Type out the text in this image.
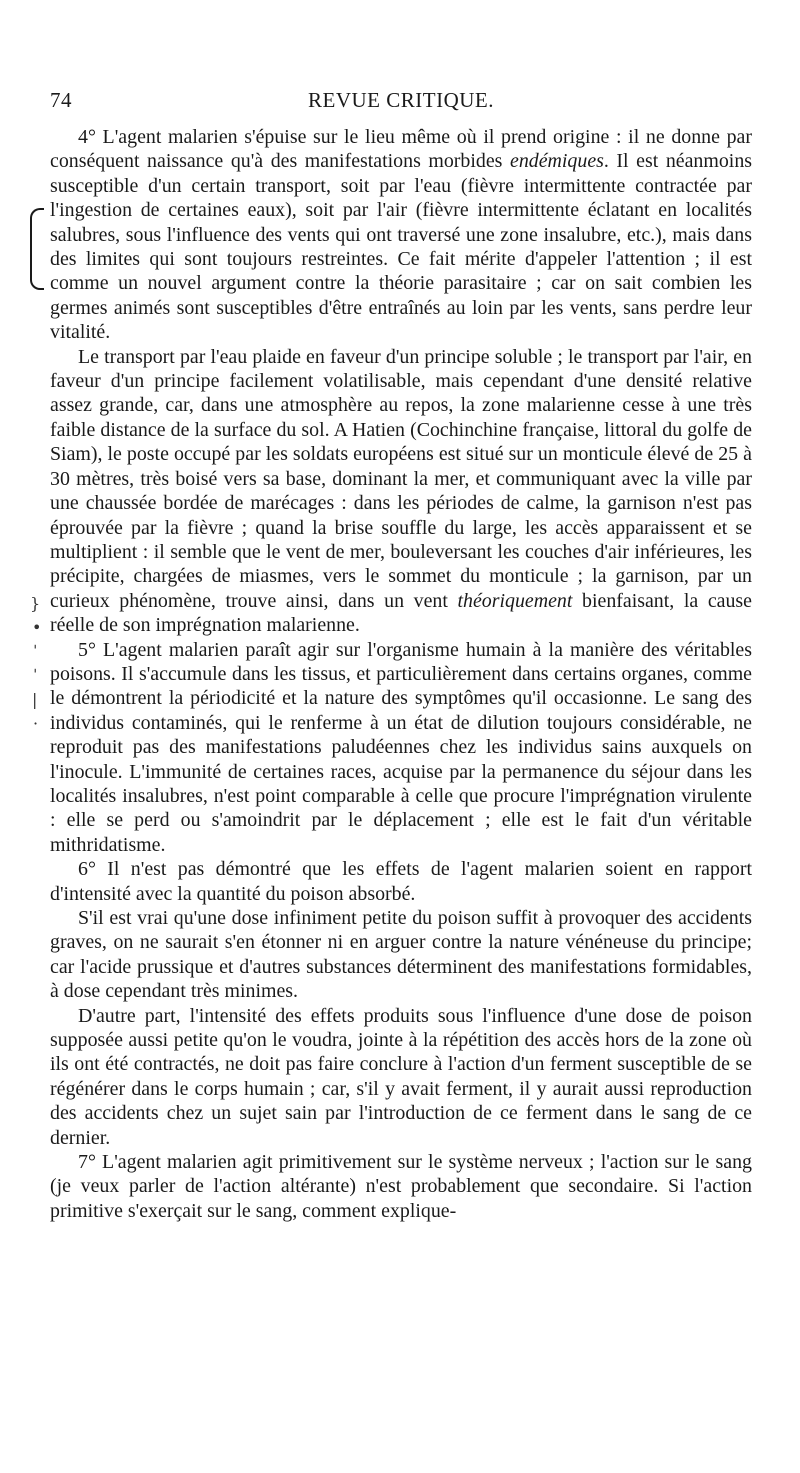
74	REVUE CRITIQUE.
}
•
ˈ
ˈ
|
·

4° L'agent malarien s'épuise sur le lieu même où il prend origine : il ne donne par conséquent naissance qu'à des manifestations morbides endémiques. Il est néanmoins susceptible d'un certain transport, soit par l'eau (fièvre intermittente contractée par l'ingestion de certaines eaux), soit par l'air (fièvre intermittente éclatant en localités salubres, sous l'influence des vents qui ont traversé une zone insalubre, etc.), mais dans des limites qui sont toujours restreintes. Ce fait mérite d'appeler l'attention ; il est comme un nouvel argument contre la théorie parasitaire ; car on sait combien les germes animés sont susceptibles d'être entraînés au loin par les vents, sans perdre leur vitalité.

Le transport par l'eau plaide en faveur d'un principe soluble ; le transport par l'air, en faveur d'un principe facilement volatilisable, mais cependant d'une densité relative assez grande, car, dans une atmosphère au repos, la zone malarienne cesse à une très faible distance de la surface du sol. A Hatien (Cochinchine française, littoral du golfe de Siam), le poste occupé par les soldats européens est situé sur un monticule élevé de 25 à 30 mètres, très boisé vers sa base, dominant la mer, et communiquant avec la ville par une chaussée bordée de marécages : dans les périodes de calme, la garnison n'est pas éprouvée par la fièvre ; quand la brise souffle du large, les accès apparaissent et se multiplient : il semble que le vent de mer, bouleversant les couches d'air inférieures, les précipite, chargées de miasmes, vers le sommet du monticule ; la garnison, par un curieux phénomène, trouve ainsi, dans un vent théoriquement bienfaisant, la cause réelle de son imprégnation malarienne.

5° L'agent malarien paraît agir sur l'organisme humain à la manière des véritables poisons. Il s'accumule dans les tissus, et particulièrement dans certains organes, comme le démontrent la périodicité et la nature des symptômes qu'il occasionne. Le sang des individus contaminés, qui le renferme à un état de dilution toujours considérable, ne reproduit pas des manifestations paludéennes chez les individus sains auxquels on l'inocule. L'immunité de certaines races, acquise par la permanence du séjour dans les localités insalubres, n'est point comparable à celle que procure l'imprégnation virulente : elle se perd ou s'amoindrit par le déplacement ; elle est le fait d'un véritable mithridatisme.

6° Il n'est pas démontré que les effets de l'agent malarien soient en rapport d'intensité avec la quantité du poison absorbé.

S'il est vrai qu'une dose infiniment petite du poison suffit à provoquer des accidents graves, on ne saurait s'en étonner ni en arguer contre la nature vénéneuse du principe; car l'acide prussique et d'autres substances déterminent des manifestations formidables, à dose cependant très minimes.

D'autre part, l'intensité des effets produits sous l'influence d'une dose de poison supposée aussi petite qu'on le voudra, jointe à la répétition des accès hors de la zone où ils ont été contractés, ne doit pas faire conclure à l'action d'un ferment susceptible de se régénérer dans le corps humain ; car, s'il y avait ferment, il y aurait aussi reproduction des accidents chez un sujet sain par l'introduction de ce ferment dans le sang de ce dernier.

7° L'agent malarien agit primitivement sur le système nerveux ; l'action sur le sang (je veux parler de l'action altérante) n'est probablement que secondaire. Si l'action primitive s'exerçait sur le sang, comment explique-
